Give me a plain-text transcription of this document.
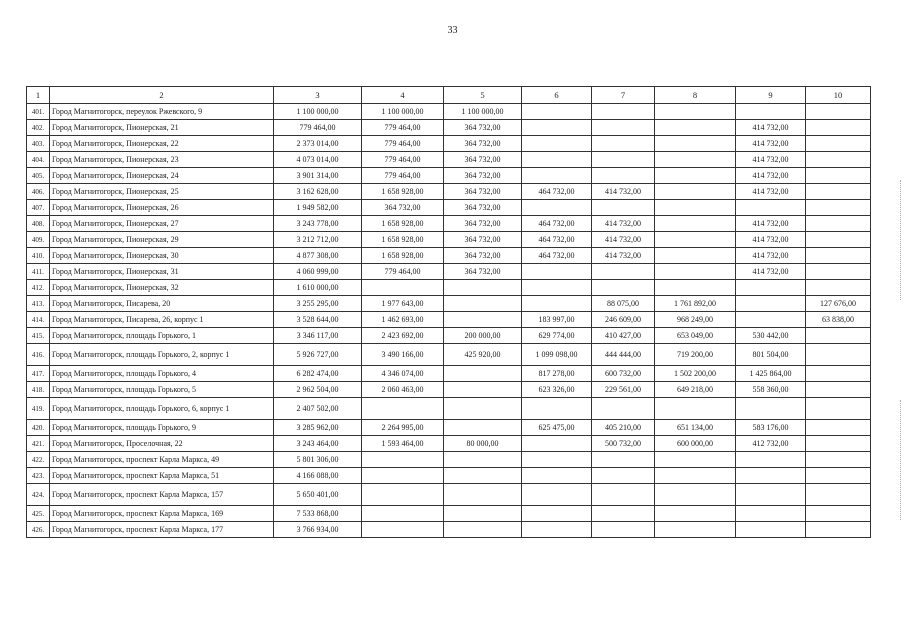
33
1	2	3	4	5	6	7	8	9	10
401.	Город Магнитогорск, переулок Ржевского, 9	1 100 000,00	1 100 000,00	1 100 000,00					
402.	Город Магнитогорск, Пионерская, 21	779 464,00	779 464,00	364 732,00				414 732,00	
403.	Город Магнитогорск, Пионерская, 22	2 373 014,00	779 464,00	364 732,00				414 732,00	
404.	Город Магнитогорск, Пионерская, 23	4 073 014,00	779 464,00	364 732,00				414 732,00	
405.	Город Магнитогорск, Пионерская, 24	3 901 314,00	779 464,00	364 732,00				414 732,00	
406.	Город Магнитогорск, Пионерская, 25	3 162 628,00	1 658 928,00	364 732,00	464 732,00	414 732,00		414 732,00	
407.	Город Магнитогорск, Пионерская, 26	1 949 582,00	364 732,00	364 732,00					
408.	Город Магнитогорск, Пионерская, 27	3 243 778,00	1 658 928,00	364 732,00	464 732,00	414 732,00		414 732,00	
409.	Город Магнитогорск, Пионерская, 29	3 212 712,00	1 658 928,00	364 732,00	464 732,00	414 732,00		414 732,00	
410.	Город Магнитогорск, Пионерская, 30	4 877 308,00	1 658 928,00	364 732,00	464 732,00	414 732,00		414 732,00	
411.	Город Магнитогорск, Пионерская, 31	4 060 999,00	779 464,00	364 732,00				414 732,00	
412.	Город Магнитогорск, Пионерская, 32	1 610 000,00							
413.	Город Магнитогорск, Писарева, 20	3 255 295,00	1 977 643,00			88 075,00	1 761 892,00		127 676,00
414.	Город Магнитогорск, Писарева, 26, корпус 1	3 528 644,00	1 462 693,00		183 997,00	246 609,00	968 249,00		63 838,00
415.	Город Магнитогорск, площадь Горького, 1	3 346 117,00	2 423 692,00	200 000,00	629 774,00	410 427,00	653 049,00	530 442,00	
416.	Город Магнитогорск, площадь Горького, 2, корпус 1	5 926 727,00	3 490 166,00	425 920,00	1 099 098,00	444 444,00	719 200,00	801 504,00	
417.	Город Магнитогорск, площадь Горького, 4	6 282 474,00	4 346 074,00		817 278,00	600 732,00	1 502 200,00	1 425 864,00	
418.	Город Магнитогорск, площадь Горького, 5	2 962 504,00	2 060 463,00		623 326,00	229 561,00	649 218,00	558 360,00	
419.	Город Магнитогорск, площадь Горького, 6, корпус 1	2 407 502,00							
420.	Город Магнитогорск, площадь Горького, 9	3 285 962,00	2 264 995,00		625 475,00	405 210,00	651 134,00	583 176,00	
421.	Город Магнитогорск, Проселочная, 22	3 243 464,00	1 593 464,00	80 000,00		500 732,00	600 000,00	412 732,00	
422.	Город Магнитогорск, проспект Карла Маркса, 49	5 801 306,00							
423.	Город Магнитогорск, проспект Карла Маркса, 51	4 166 088,00							
424.	Город Магнитогорск, проспект Карла Маркса, 157	5 650 401,00							
425.	Город Магнитогорск, проспект Карла Маркса, 169	7 533 868,00							
426.	Город Магнитогорск, проспект Карла Маркса, 177	3 766 934,00							
